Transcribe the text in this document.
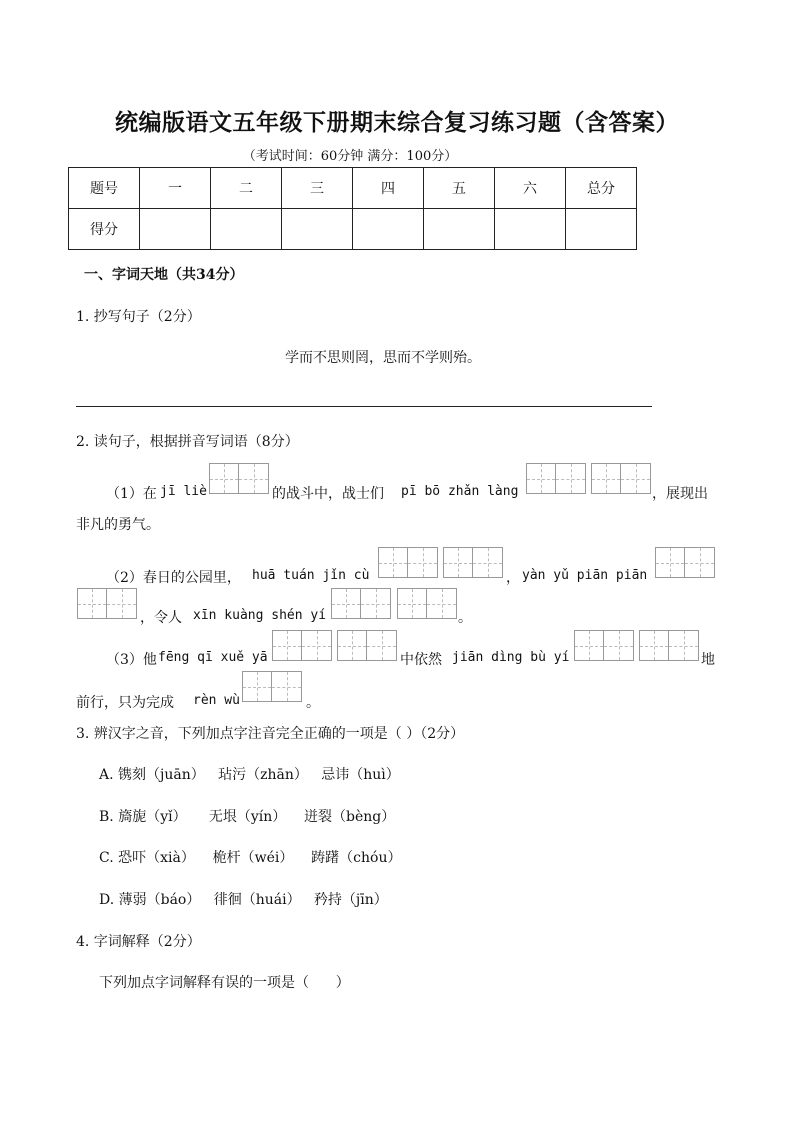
统编版语文五年级下册期末综合复习练习题（含答案）
（考试时间：60分钟 满分：100分）
题号	一	二	三	四	五	六	总分
得分							
一、字词天地（共34分）
1. 抄写句子（2分）
学而不思则罔，思而不学则殆。
2. 读句子，根据拼音写词语（8分）
（1）在 jī liè	的战斗中，战士们 pī bō zhǎn làng	，展现出
非凡的勇气。
（2）春日的公园里， huā tuán jǐn cù	， yàn yǔ piān piān
，令人 xīn kuàng shén yí	。
（3）他 fēng qī xuě yā	中依然 jiān dìng bù yí	地
前行，只为完成 rèn wù	。
3. 辨汉字之音，下列加点字注音完全正确的一项是（ ）（2分）
A. 镌刻（juān）   玷污（zhān）   忌讳（huì）
B. 旖旎（yǐ）     无垠（yín）    迸裂（bèng）
C. 恐吓（xià）    桅杆（wéi）    踌躇（chóu）
D. 薄弱（báo）   徘徊（huái）   矜持（jīn）
4. 字词解释（2分）
下列加点字词解释有误的一项是（      ）
